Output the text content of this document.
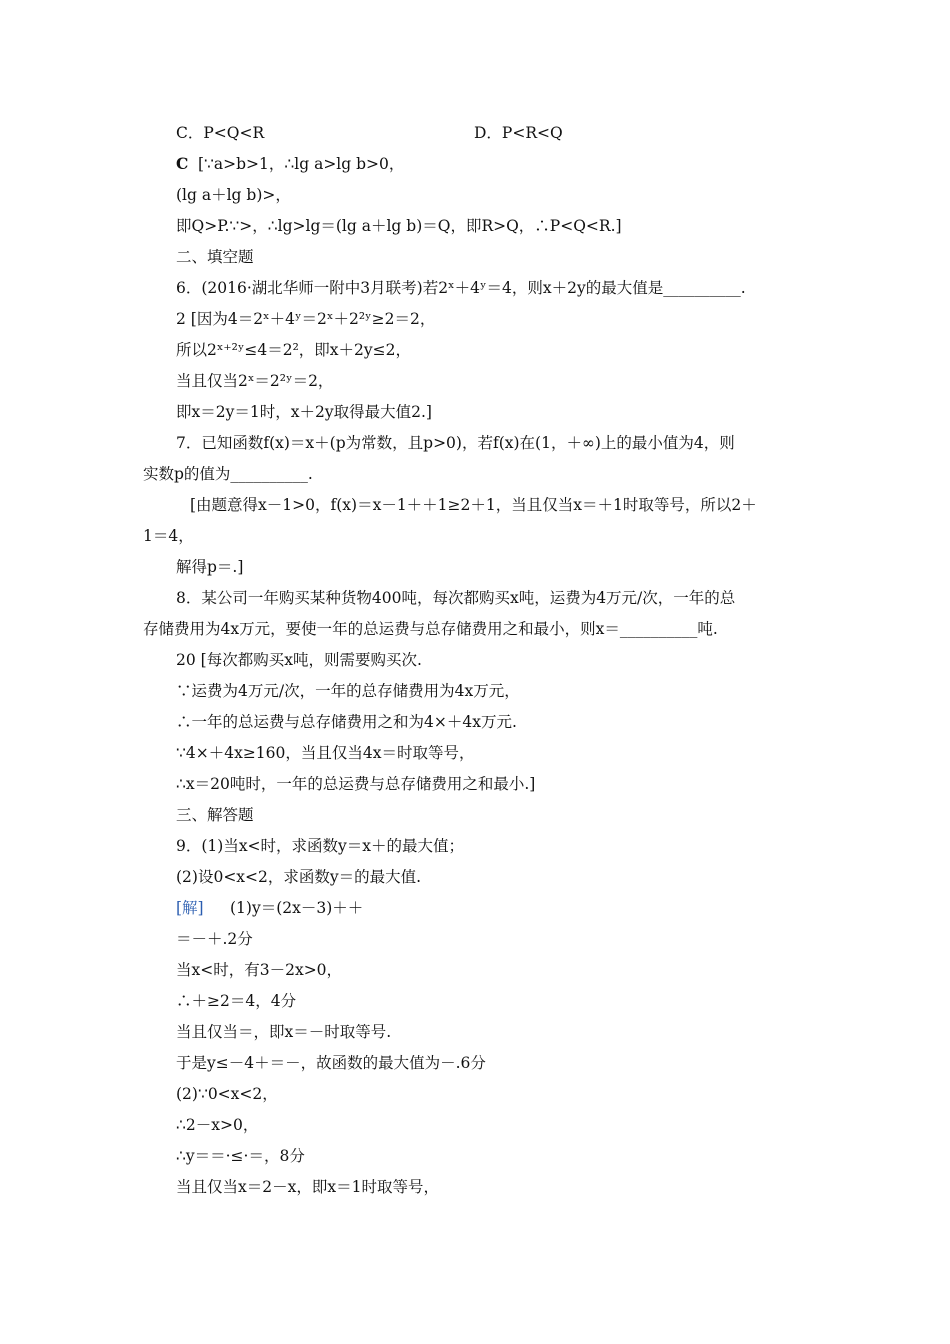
C．P<Q<R	D．P<R<Q
C [∵a>b>1，∴lg a>lg b>0，
(lg a＋lg b)>，
即Q>P.∵>，∴lg>lg＝(lg a＋lg b)＝Q，即R>Q，∴P<Q<R.]
二、填空题
6．(2016·湖北华师一附中3月联考)若2ˣ＋4ʸ＝4，则x＋2y的最大值是__________.
2 [因为4＝2ˣ＋4ʸ＝2ˣ＋2²ʸ≥2＝2，
所以2ˣ⁺²ʸ≤4＝2²，即x＋2y≤2，
当且仅当2ˣ＝2²ʸ＝2，
即x＝2y＝1时，x＋2y取得最大值2.]
7．已知函数f(x)＝x＋(p为常数，且p>0)，若f(x)在(1，＋∞)上的最小值为4，则
实数p的值为__________.
[由题意得x－1>0，f(x)＝x－1＋＋1≥2＋1，当且仅当x＝＋1时取等号，所以2＋
1＝4，
解得p＝.]
8．某公司一年购买某种货物400吨，每次都购买x吨，运费为4万元/次，一年的总
存储费用为4x万元，要使一年的总运费与总存储费用之和最小，则x＝__________吨.
20 [每次都购买x吨，则需要购买次.
∵运费为4万元/次，一年的总存储费用为4x万元，
∴一年的总运费与总存储费用之和为4×＋4x万元.
∵4×＋4x≥160，当且仅当4x＝时取等号，
∴x＝20吨时，一年的总运费与总存储费用之和最小.]
三、解答题
9．(1)当x<时，求函数y＝x＋的最大值；
(2)设0<x<2，求函数y＝的最大值.
[解] (1)y＝(2x－3)＋＋
＝－＋.2分
当x<时，有3－2x>0，
∴＋≥2＝4，4分
当且仅当＝，即x＝－时取等号.
于是y≤－4＋＝－，故函数的最大值为－.6分
(2)∵0<x<2，
∴2－x>0，
∴y＝＝·≤·＝，8分
当且仅当x＝2－x，即x＝1时取等号，
